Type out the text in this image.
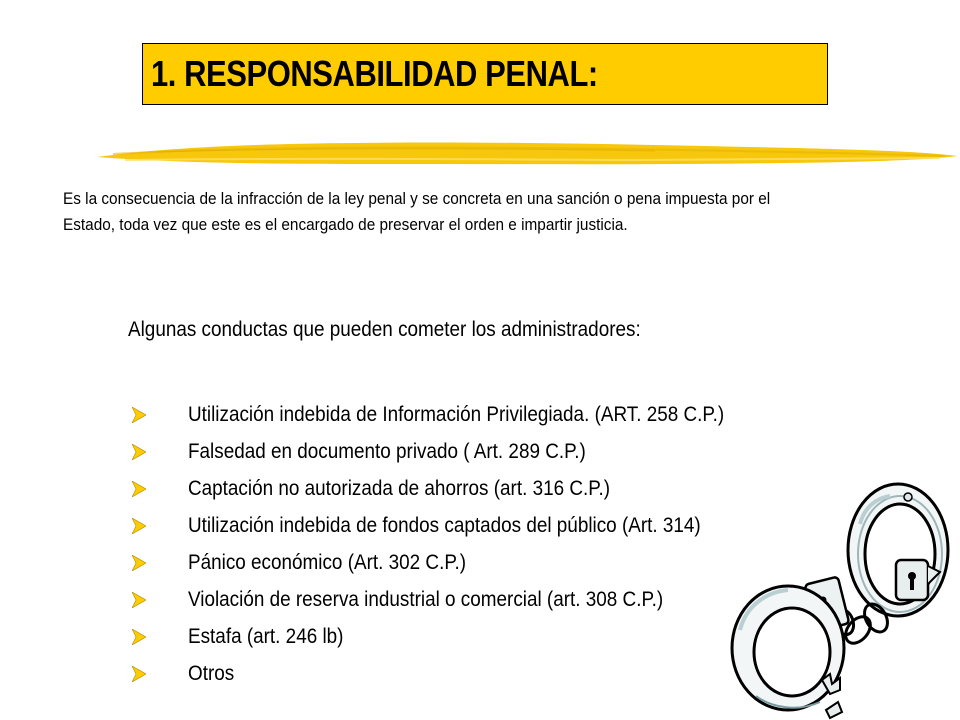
1. RESPONSABILIDAD PENAL:
Es la consecuencia de la infracción de la ley penal y se concreta en una sanción o pena impuesta por el Estado, toda vez que este es el encargado de preservar el orden e impartir justicia.
Algunas conductas que pueden cometer los administradores:
Utilización indebida de Información Privilegiada. (ART. 258 C.P.)
Falsedad en documento privado ( Art. 289 C.P.)
Captación no autorizada de ahorros (art. 316 C.P.)
Utilización indebida de fondos captados del público (Art. 314)
Pánico económico (Art. 302 C.P.)
Violación de reserva industrial o comercial (art. 308 C.P.)
Estafa (art. 246 lb)
Otros
